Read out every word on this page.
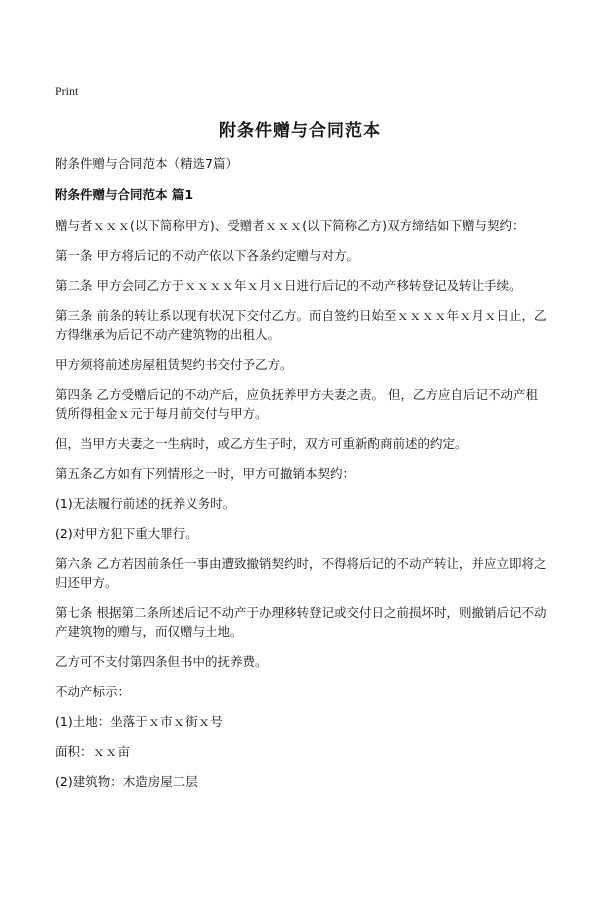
Print
附条件赠与合同范本

附条件赠与合同范本（精选7篇）

附条件赠与合同范本 篇1

赠与者ｘｘｘ(以下简称甲方)、受赠者ｘｘｘ(以下简称乙方)双方缔结如下赠与契约：

第一条 甲方将后记的不动产依以下各条约定赠与对方。

第二条 甲方会同乙方于ｘｘｘｘ年ｘ月ｘ日进行后记的不动产移转登记及转让手续。

第三条 前条的转让系以现有状况下交付乙方。而自签约日始至ｘｘｘｘ年ｘ月ｘ日止，乙方得继承为后记不动产建筑物的出租人。

甲方须将前述房屋租赁契约书交付予乙方。

第四条 乙方受赠后记的不动产后，应负抚养甲方夫妻之责。 但，乙方应自后记不动产租赁所得租金ｘ元于每月前交付与甲方。

但，当甲方夫妻之一生病时，或乙方生子时，双方可重新酌商前述的约定。

第五条乙方如有下列情形之一时，甲方可撤销本契约：

(1)无法履行前述的抚养义务时。

(2)对甲方犯下重大罪行。

第六条 乙方若因前条任一事由遭致撤销契约时，不得将后记的不动产转让，并应立即将之归还甲方。

第七条 根据第二条所述后记不动产于办理移转登记或交付日之前损坏时，则撤销后记不动产建筑物的赠与，而仅赠与土地。

乙方可不支付第四条但书中的抚养费。

不动产标示：

(1)土地：坐落于ｘ市ｘ街ｘ号

面积：ｘｘ亩

(2)建筑物：木造房屋二层
